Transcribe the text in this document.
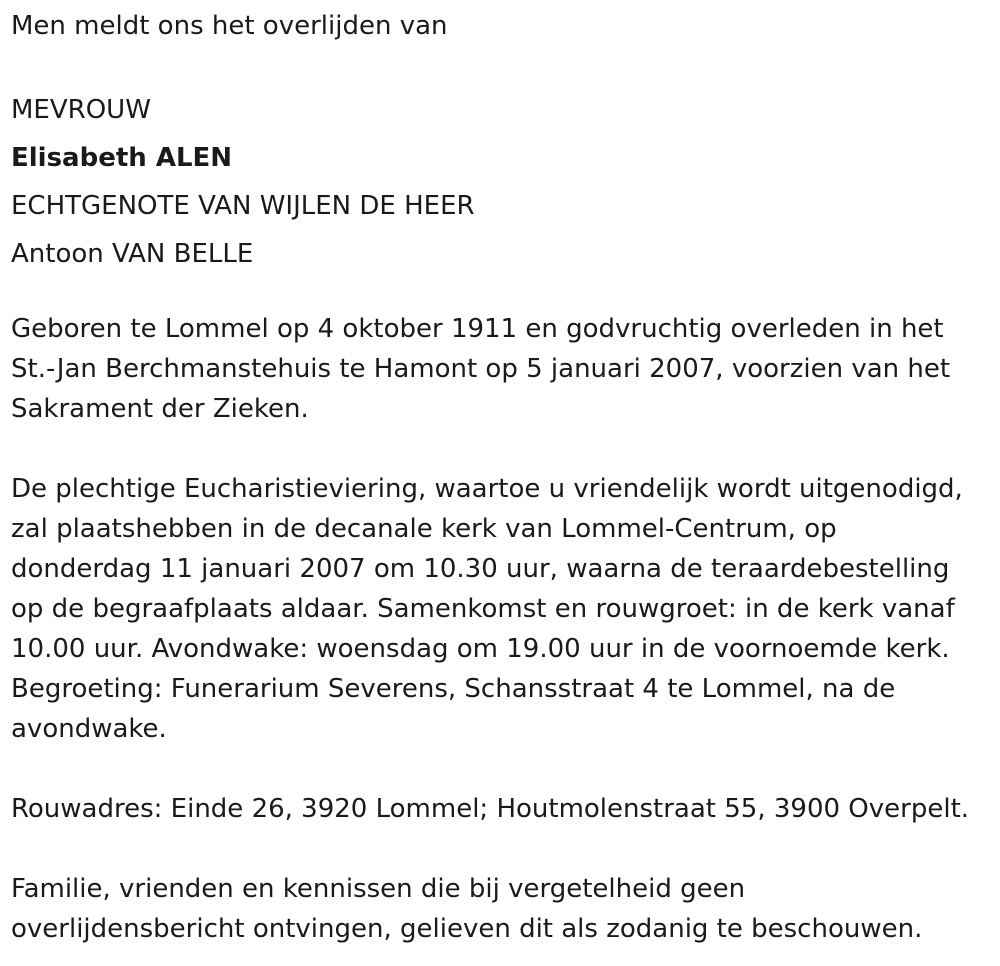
Men meldt ons het overlijden van

MEVROUW
Elisabeth ALEN
ECHTGENOTE VAN WIJLEN DE HEER
Antoon VAN BELLE
Geboren te Lommel op 4 oktober 1911 en godvruchtig overleden in het
St.-Jan Berchmanstehuis te Hamont op 5 januari 2007, voorzien van het
Sakrament der Zieken.
De plechtige Eucharistieviering, waartoe u vriendelijk wordt uitgenodigd,
zal plaatshebben in de decanale kerk van Lommel-Centrum, op
donderdag 11 januari 2007 om 10.30 uur, waarna de teraardebestelling
op de begraafplaats aldaar. Samenkomst en rouwgroet: in de kerk vanaf
10.00 uur. Avondwake: woensdag om 19.00 uur in de voornoemde kerk.
Begroeting: Funerarium Severens, Schansstraat 4 te Lommel, na de
avondwake.
Rouwadres: Einde 26, 3920 Lommel; Houtmolenstraat 55, 3900 Overpelt.
Familie, vrienden en kennissen die bij vergetelheid geen
overlijdensbericht ontvingen, gelieven dit als zodanig te beschouwen.
